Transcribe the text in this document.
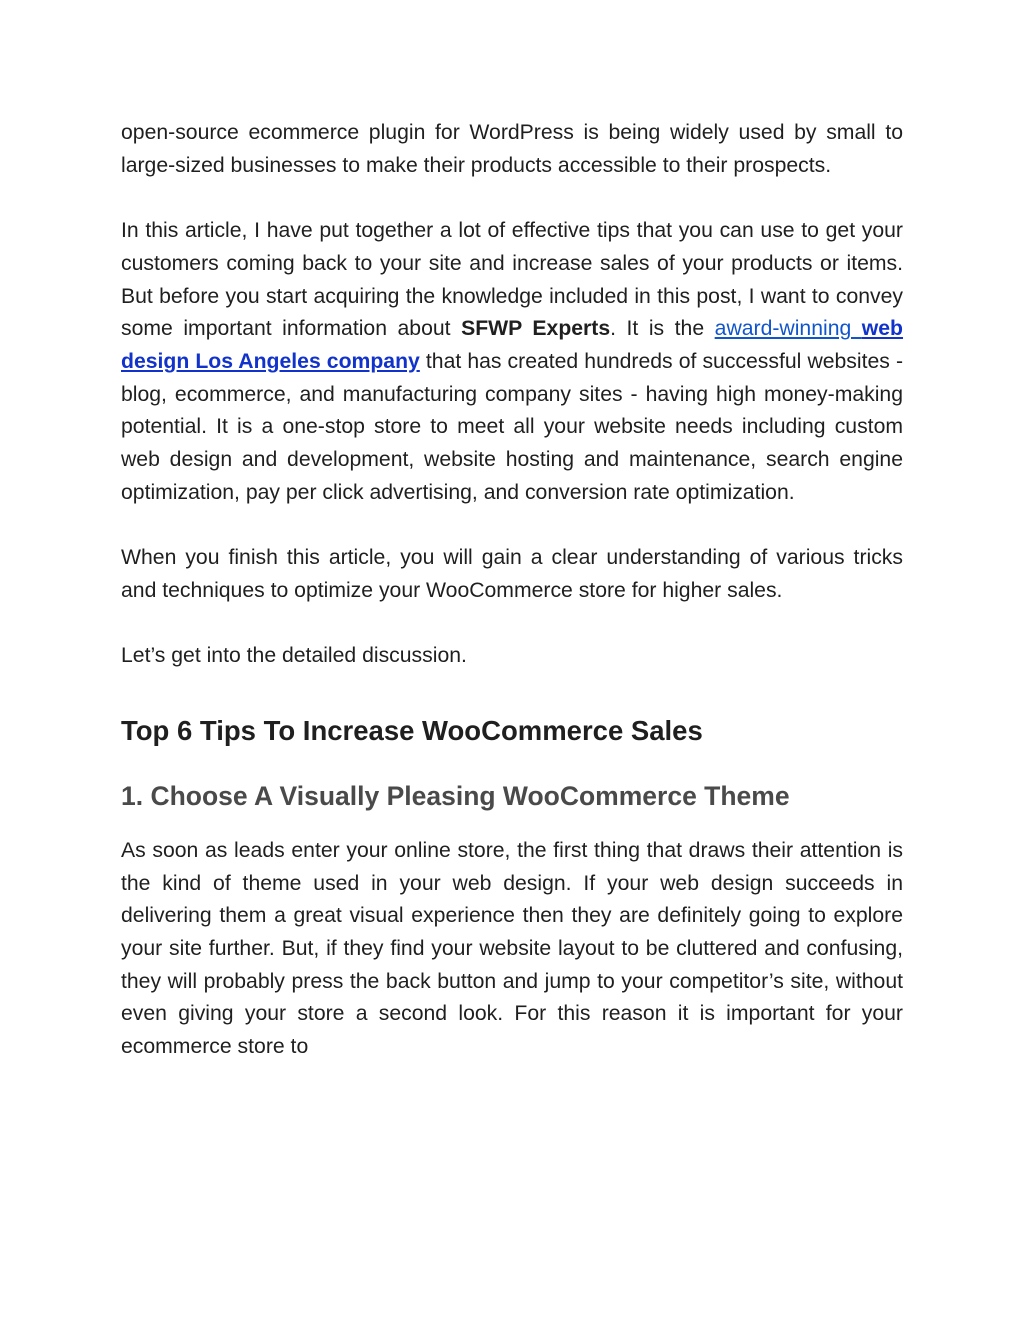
open-source ecommerce plugin for WordPress is being widely used by small to large-sized businesses to make their products accessible to their prospects.

In this article, I have put together a lot of effective tips that you can use to get your customers coming back to your site and increase sales of your products or items. But before you start acquiring the knowledge included in this post, I want to convey some important information about SFWP Experts. It is the award-winning web design Los Angeles company that has created hundreds of successful websites - blog, ecommerce, and manufacturing company sites - having high money-making potential. It is a one-stop store to meet all your website needs including custom web design and development, website hosting and maintenance, search engine optimization, pay per click advertising, and conversion rate optimization.

When you finish this article, you will gain a clear understanding of various tricks and techniques to optimize your WooCommerce store for higher sales.

Let’s get into the detailed discussion.

Top 6 Tips To Increase WooCommerce Sales
1. Choose A Visually Pleasing WooCommerce Theme

As soon as leads enter your online store, the first thing that draws their attention is the kind of theme used in your web design. If your web design succeeds in delivering them a great visual experience then they are definitely going to explore your site further. But, if they find your website layout to be cluttered and confusing, they will probably press the back button and jump to your competitor’s site, without even giving your store a second look. For this reason it is important for your ecommerce store to
